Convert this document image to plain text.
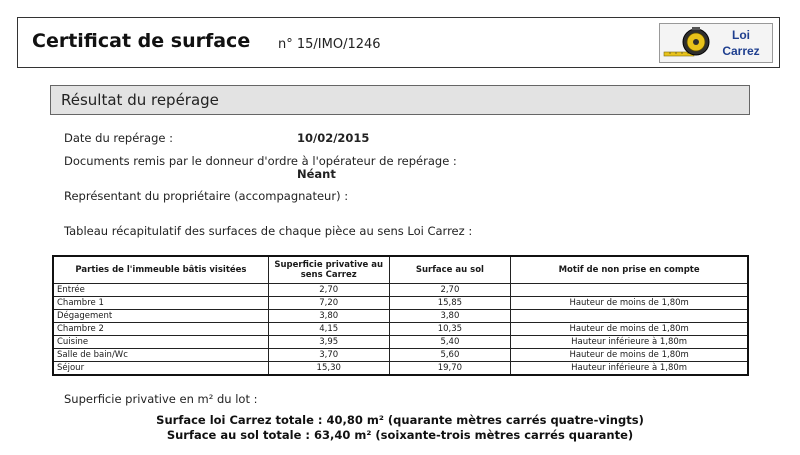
Certificat de surface n° 15/IMO/1246
Loi
Carrez
Résultat du repérage
Date du repérage :	10/02/2015
Documents remis par le donneur d'ordre à l'opérateur de repérage :
Néant
Représentant du propriétaire (accompagnateur) :
Tableau récapitulatif des surfaces de chaque pièce au sens Loi Carrez :
Parties de l'immeuble bâtis visitées	Superficie privative au sens Carrez	Surface au sol	Motif de non prise en compte
Entrée	2,70	2,70	
Chambre 1	7,20	15,85	Hauteur de moins de 1,80m
Dégagement	3,80	3,80	
Chambre 2	4,15	10,35	Hauteur de moins de 1,80m
Cuisine	3,95	5,40	Hauteur inférieure à 1,80m
Salle de bain/Wc	3,70	5,60	Hauteur de moins de 1,80m
Séjour	15,30	19,70	Hauteur inférieure à 1,80m
Superficie privative en m² du lot :
Surface loi Carrez totale : 40,80 m² (quarante mètres carrés quatre-vingts)
Surface au sol totale : 63,40 m² (soixante-trois mètres carrés quarante)
